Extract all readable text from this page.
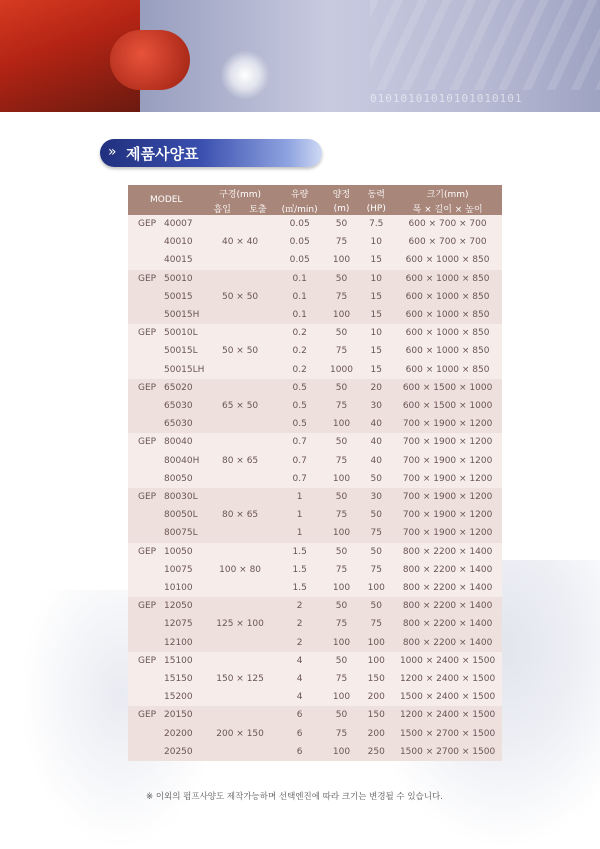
01010101010101010101
» 제품사양표
MODEL	구경(mm)		유량	양정	동력	크기(mm)
	흡입	토출	(㎥/min)	(m)	(HP)	폭 × 길이 × 높이
GEP 40007	40 × 40		0.05	50	7.5	600 × 700 × 700
40010			0.05	75	10	600 × 700 × 700
40015			0.05	100	15	600 × 1000 × 850
GEP 50010	50 × 50		0.1	50	10	600 × 1000 × 850
50015			0.1	75	15	600 × 1000 × 850
50015H			0.1	100	15	600 × 1000 × 850
GEP 50010L	50 × 50		0.2	50	10	600 × 1000 × 850
50015L			0.2	75	15	600 × 1000 × 850
50015LH			0.2	1000	15	600 × 1000 × 850
GEP 65020	65 × 50		0.5	50	20	600 × 1500 × 1000
65030			0.5	75	30	600 × 1500 × 1000
65030			0.5	100	40	700 × 1900 × 1200
GEP 80040	80 × 65		0.7	50	40	700 × 1900 × 1200
80040H			0.7	75	40	700 × 1900 × 1200
80050			0.7	100	50	700 × 1900 × 1200
GEP 80030L	80 × 65		1	50	30	700 × 1900 × 1200
80050L			1	75	50	700 × 1900 × 1200
80075L			1	100	75	700 × 1900 × 1200
GEP 10050	100 × 80		1.5	50	50	800 × 2200 × 1400
10075			1.5	75	75	800 × 2200 × 1400
10100			1.5	100	100	800 × 2200 × 1400
GEP 12050	125 × 100		2	50	50	800 × 2200 × 1400
12075			2	75	75	800 × 2200 × 1400
12100			2	100	100	800 × 2200 × 1400
GEP 15100	150 × 125		4	50	100	1000 × 2400 × 1500
15150			4	75	150	1200 × 2400 × 1500
15200			4	100	200	1500 × 2400 × 1500
GEP 20150	200 × 150		6	50	150	1200 × 2400 × 1500
20200			6	75	200	1500 × 2700 × 1500
20250			6	100	250	1500 × 2700 × 1500
※ 이외의 펌프사양도 제작가능하며 선택엔진에 따라 크기는 변경될 수 있습니다.
